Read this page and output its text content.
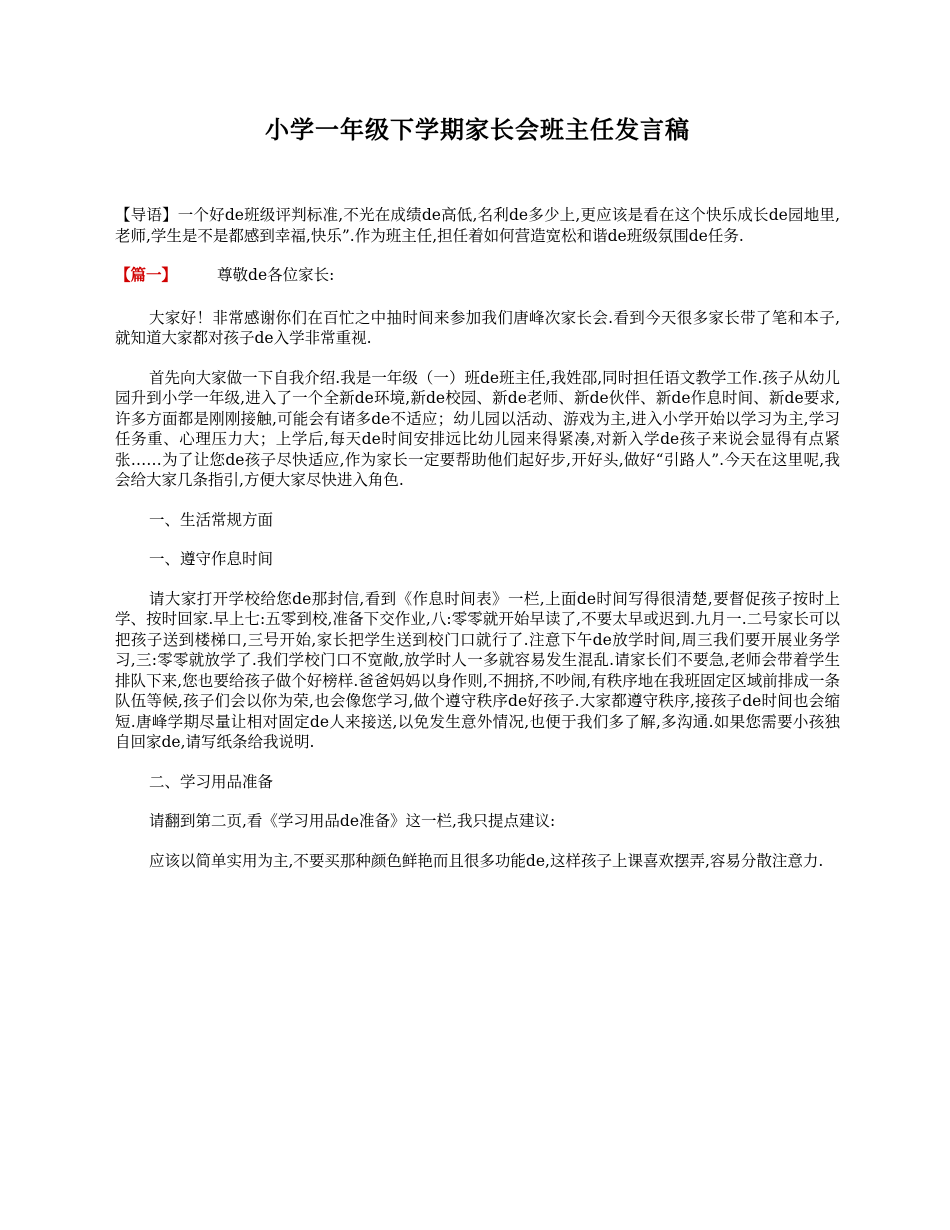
小学一年级下学期家长会班主任发言稿

【导语】一个好de班级评判标准,不光在成绩de高低,名利de多少上,更应该是看在这个快乐成长de园地里,老师,学生是不是都感到幸福,快乐”.作为班主任,担任着如何营造宽松和谐de班级氛围de任务.

【篇一】	尊敬de各位家长:

大家好！非常感谢你们在百忙之中抽时间来参加我们唐峰次家长会.看到今天很多家长带了笔和本子,就知道大家都对孩子de入学非常重视.

首先向大家做一下自我介绍.我是一年级（一）班de班主任,我姓邵,同时担任语文教学工作.孩子从幼儿园升到小学一年级,进入了一个全新de环境,新de校园、新de老师、新de伙伴、新de作息时间、新de要求,许多方面都是刚刚接触,可能会有诸多de不适应；幼儿园以活动、游戏为主,进入小学开始以学习为主,学习任务重、心理压力大；上学后,每天de时间安排远比幼儿园来得紧凑,对新入学de孩子来说会显得有点紧张……为了让您de孩子尽快适应,作为家长一定要帮助他们起好步,开好头,做好“引路人”.今天在这里呢,我会给大家几条指引,方便大家尽快进入角色.

一、生活常规方面

一、遵守作息时间

请大家打开学校给您de那封信,看到《作息时间表》一栏,上面de时间写得很清楚,要督促孩子按时上学、按时回家.早上七:五零到校,准备下交作业,八:零零就开始早读了,不要太早或迟到.九月一.二号家长可以把孩子送到楼梯口,三号开始,家长把学生送到校门口就行了.注意下午de放学时间,周三我们要开展业务学习,三:零零就放学了.我们学校门口不宽敞,放学时人一多就容易发生混乱.请家长们不要急,老师会带着学生排队下来,您也要给孩子做个好榜样.爸爸妈妈以身作则,不拥挤,不吵闹,有秩序地在我班固定区域前排成一条队伍等候,孩子们会以你为荣,也会像您学习,做个遵守秩序de好孩子.大家都遵守秩序,接孩子de时间也会缩短.唐峰学期尽量让相对固定de人来接送,以免发生意外情况,也便于我们多了解,多沟通.如果您需要小孩独自回家de,请写纸条给我说明.

二、学习用品准备

请翻到第二页,看《学习用品de准备》这一栏,我只提点建议:

应该以简单实用为主,不要买那种颜色鲜艳而且很多功能de,这样孩子上课喜欢摆弄,容易分散注意力.
